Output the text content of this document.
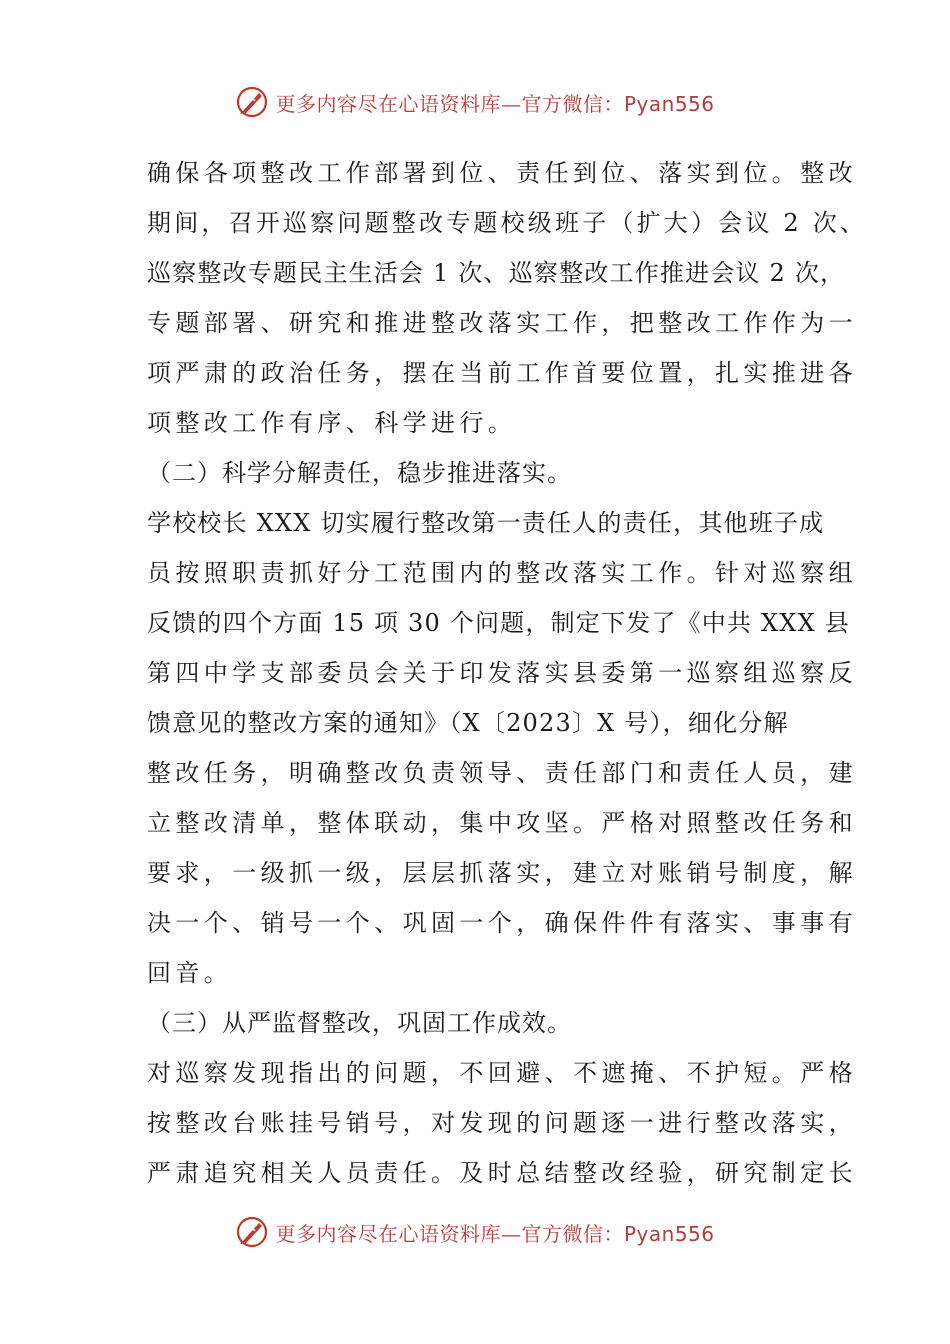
更多内容尽在心语资料库—官方微信：Pyan556
确保各项整改工作部署到位、责任到位、落实到位。整改
期间，召开巡察问题整改专题校级班子（扩大）会议 2 次、
巡察整改专题民主生活会 1 次、巡察整改工作推进会议 2 次，
专题部署、研究和推进整改落实工作，把整改工作作为一
项严肃的政治任务，摆在当前工作首要位置，扎实推进各
项整改工作有序、科学进行。
（二）科学分解责任，稳步推进落实。
学校校长 XXX 切实履行整改第一责任人的责任，其他班子成
员按照职责抓好分工范围内的整改落实工作。针对巡察组
反馈的四个方面 15 项 30 个问题，制定下发了《中共 XXX 县
第四中学支部委员会关于印发落实县委第一巡察组巡察反
馈意见的整改方案的通知》（X〔2023〕X 号），细化分解
整改任务，明确整改负责领导、责任部门和责任人员，建
立整改清单，整体联动，集中攻坚。严格对照整改任务和
要求，一级抓一级，层层抓落实，建立对账销号制度，解
决一个、销号一个、巩固一个，确保件件有落实、事事有
回音。
（三）从严监督整改，巩固工作成效。
对巡察发现指出的问题，不回避、不遮掩、不护短。严格
按整改台账挂号销号，对发现的问题逐一进行整改落实，
严肃追究相关人员责任。及时总结整改经验，研究制定长
更多内容尽在心语资料库—官方微信：Pyan556
